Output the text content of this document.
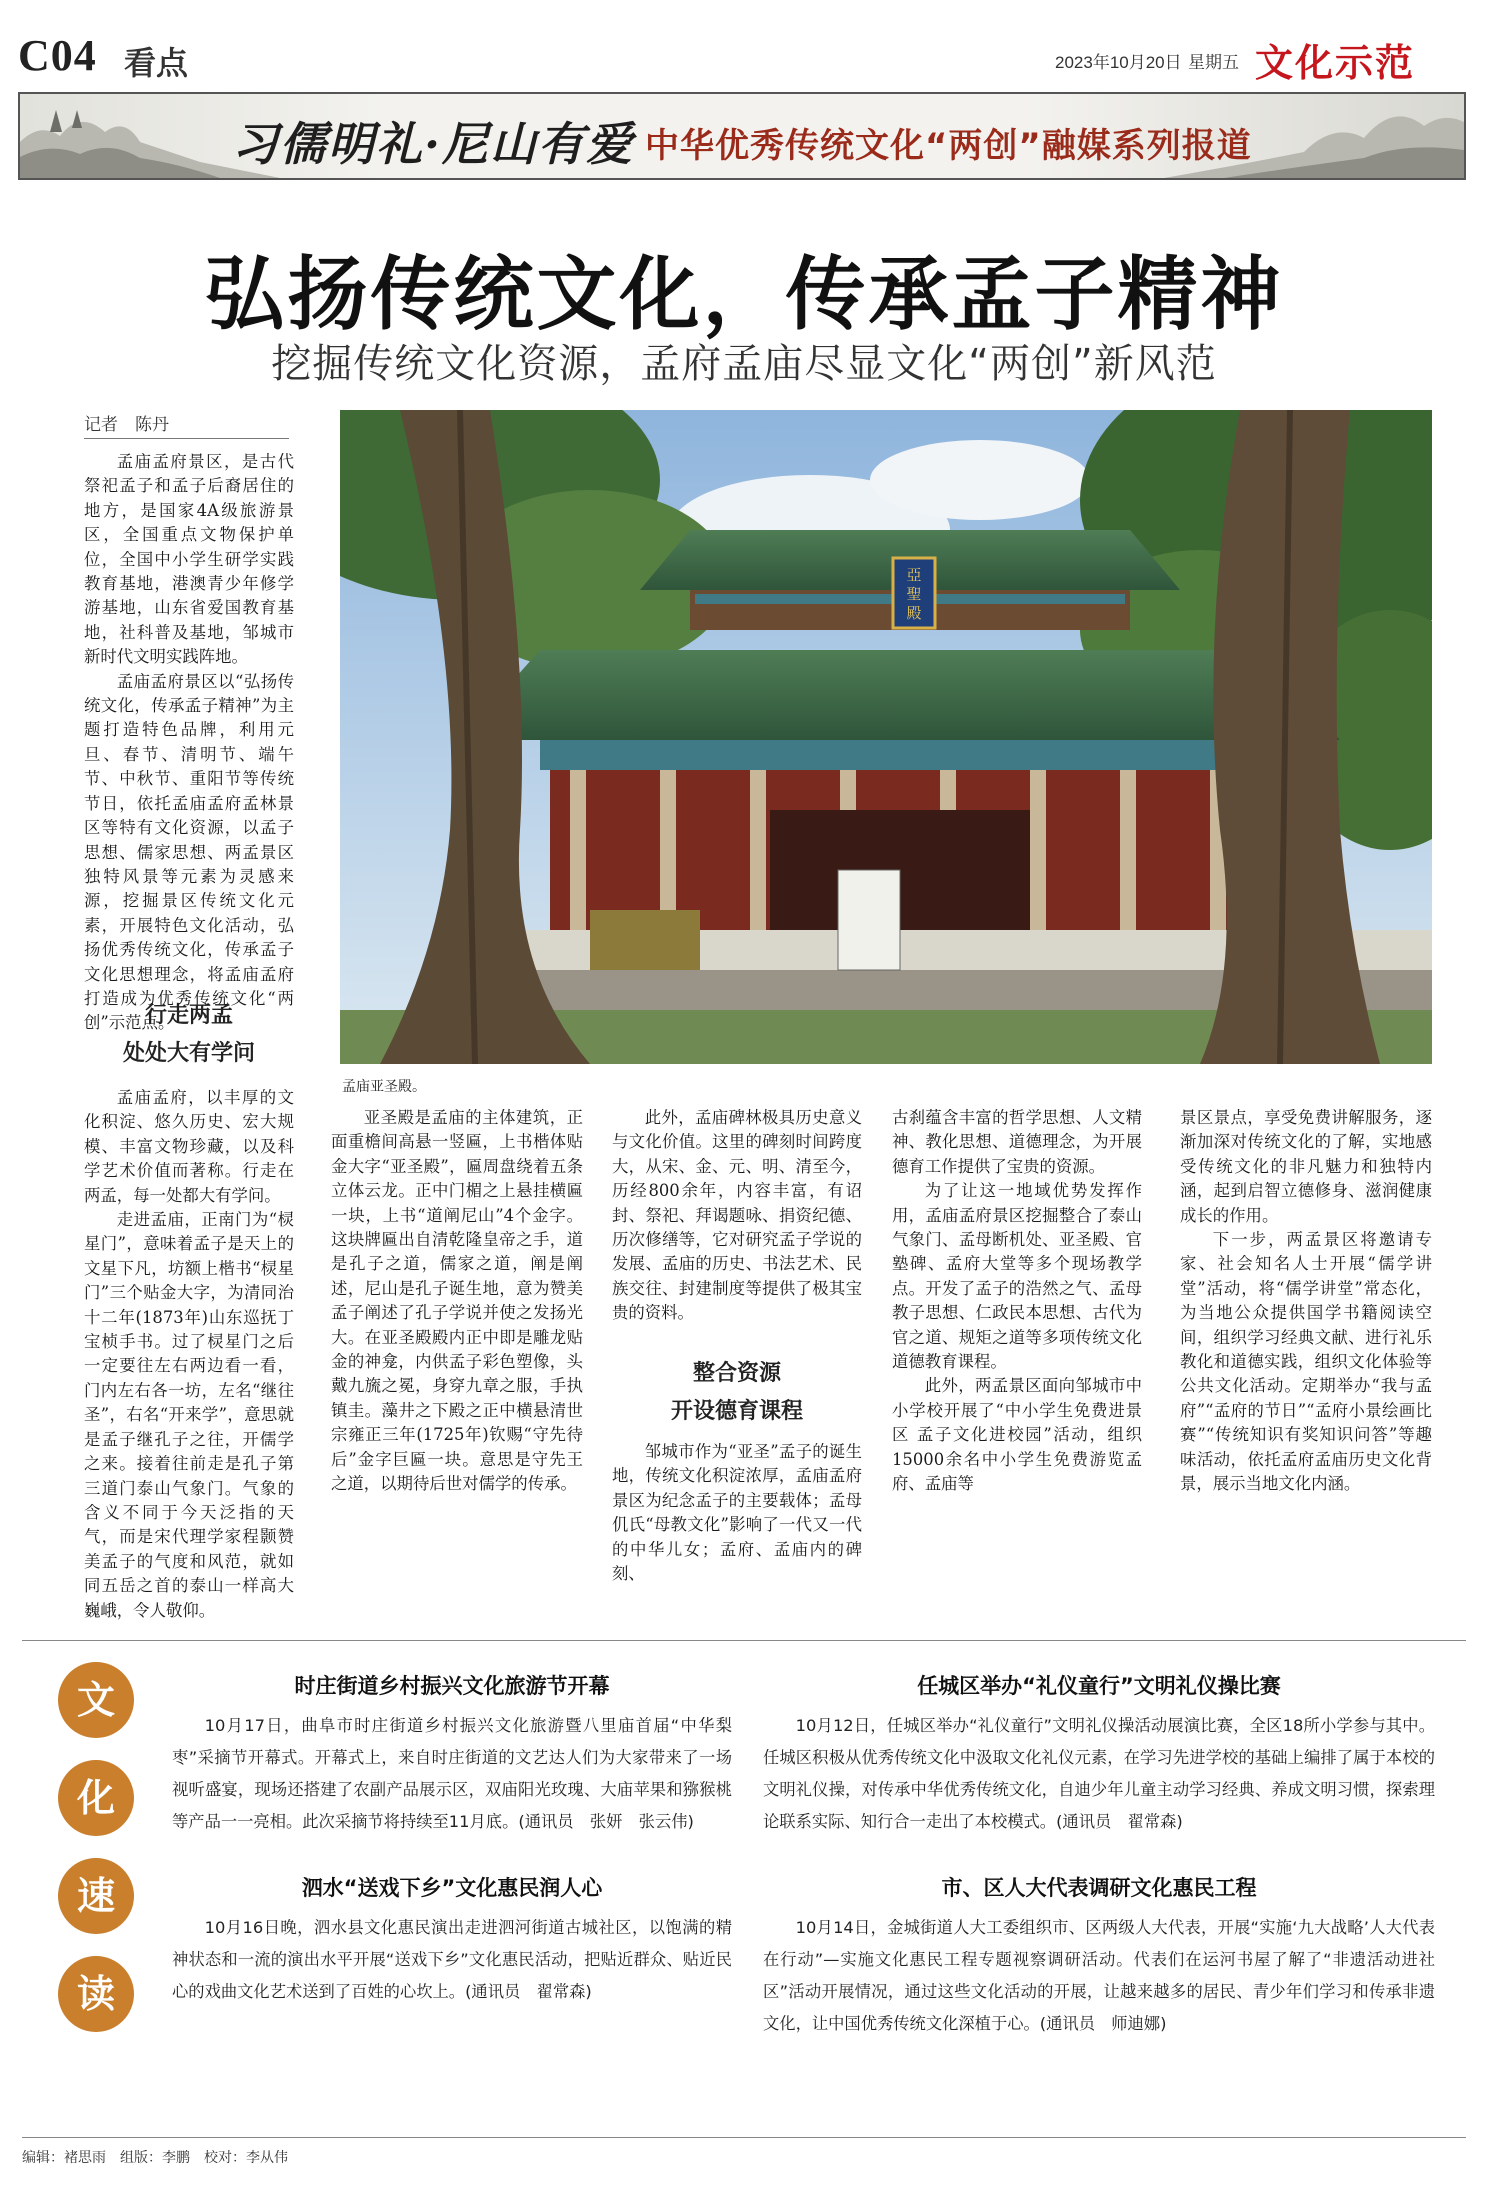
C04 看点	2023年10月20日 星期五 文化示范
习儒明礼·尼山有爱 中华优秀传统文化“两创”融媒系列报道
弘扬传统文化，传承孟子精神
挖掘传统文化资源，孟府孟庙尽显文化“两创”新风范
记者　陈丹

孟庙孟府景区，是古代祭祀孟子和孟子后裔居住的地方，是国家4A级旅游景区，全国重点文物保护单位，全国中小学生研学实践教育基地，港澳青少年修学游基地，山东省爱国教育基地，社科普及基地，邹城市新时代文明实践阵地。

孟庙孟府景区以“弘扬传统文化，传承孟子精神”为主题打造特色品牌，利用元旦、春节、清明节、端午节、中秋节、重阳节等传统节日，依托孟庙孟府孟林景区等特有文化资源，以孟子思想、儒家思想、两孟景区独特风景等元素为灵感来源，挖掘景区传统文化元素，开展特色文化活动，弘扬优秀传统文化，传承孟子文化思想理念，将孟庙孟府打造成为优秀传统文化“两创”示范点。

行走两孟
处处大有学问

孟庙孟府，以丰厚的文化积淀、悠久历史、宏大规模、丰富文物珍藏，以及科学艺术价值而著称。行走在两孟，每一处都大有学问。

走进孟庙，正南门为“棂星门”，意味着孟子是天上的文星下凡，坊额上楷书“棂星门”三个贴金大字，为清同治十二年(1873年)山东巡抚丁宝桢手书。过了棂星门之后一定要往左右两边看一看，门内左右各一坊，左名“继往圣”，右名“开来学”，意思就是孟子继孔子之往，开儒学之来。接着往前走是孔子第三道门泰山气象门。气象的含义不同于今天泛指的天气，而是宋代理学家程颢赞美孟子的气度和风范，就如同五岳之首的泰山一样高大巍峨，令人敬仰。

亞
聖
殿
孟庙亚圣殿。

亚圣殿是孟庙的主体建筑，正面重檐间高悬一竖匾，上书楷体贴金大字“亚圣殿”，匾周盘绕着五条立体云龙。正中门楣之上悬挂横匾一块，上书“道阐尼山”4个金字。这块牌匾出自清乾隆皇帝之手，道是孔子之道，儒家之道，阐是阐述，尼山是孔子诞生地，意为赞美孟子阐述了孔子学说并使之发扬光大。在亚圣殿殿内正中即是雕龙贴金的神龛，内供孟子彩色塑像，头戴九旒之冕，身穿九章之服，手执镇圭。藻井之下殿之正中横悬清世宗雍正三年(1725年)钦赐“守先待后”金字巨匾一块。意思是守先王之道，以期待后世对儒学的传承。

此外，孟庙碑林极具历史意义与文化价值。这里的碑刻时间跨度大，从宋、金、元、明、清至今，历经800余年，内容丰富，有诏封、祭祀、拜谒题咏、捐资纪德、历次修缮等，它对研究孟子学说的发展、孟庙的历史、书法艺术、民族交往、封建制度等提供了极其宝贵的资料。

整合资源
开设德育课程

邹城市作为“亚圣”孟子的诞生地，传统文化积淀浓厚，孟庙孟府景区为纪念孟子的主要载体；孟母仉氏“母教文化”影响了一代又一代的中华儿女；孟府、孟庙内的碑刻、

古刹蕴含丰富的哲学思想、人文精神、教化思想、道德理念，为开展德育工作提供了宝贵的资源。

为了让这一地域优势发挥作用，孟庙孟府景区挖掘整合了泰山气象门、孟母断机处、亚圣殿、官塾碑、孟府大堂等多个现场教学点。开发了孟子的浩然之气、孟母教子思想、仁政民本思想、古代为官之道、规矩之道等多项传统文化道德教育课程。

此外，两孟景区面向邹城市中小学校开展了“中小学生免费进景区 孟子文化进校园”活动，组织15000余名中小学生免费游览孟府、孟庙等

景区景点，享受免费讲解服务，逐渐加深对传统文化的了解，实地感受传统文化的非凡魅力和独特内涵，起到启智立德修身、滋润健康成长的作用。

下一步，两孟景区将邀请专家、社会知名人士开展“儒学讲堂”活动，将“儒学讲堂”常态化，为当地公众提供国学书籍阅读空间，组织学习经典文献、进行礼乐教化和道德实践，组织文化体验等公共文化活动。定期举办“我与孟府”“孟府的节日”“孟府小景绘画比赛”“传统知识有奖知识问答”等趣味活动，依托孟府孟庙历史文化背景，展示当地文化内涵。

文
化
速
读
时庄街道乡村振兴文化旅游节开幕

10月17日，曲阜市时庄街道乡村振兴文化旅游暨八里庙首届“中华梨枣”采摘节开幕式。开幕式上，来自时庄街道的文艺达人们为大家带来了一场视听盛宴，现场还搭建了农副产品展示区，双庙阳光玫瑰、大庙苹果和猕猴桃等产品一一亮相。此次采摘节将持续至11月底。(通讯员　张妍　张云伟)

泗水“送戏下乡”文化惠民润人心

10月16日晚，泗水县文化惠民演出走进泗河街道古城社区，以饱满的精神状态和一流的演出水平开展“送戏下乡”文化惠民活动，把贴近群众、贴近民心的戏曲文化艺术送到了百姓的心坎上。(通讯员　翟常森)

任城区举办“礼仪童行”文明礼仪操比赛

10月12日，任城区举办“礼仪童行”文明礼仪操活动展演比赛，全区18所小学参与其中。任城区积极从优秀传统文化中汲取文化礼仪元素，在学习先进学校的基础上编排了属于本校的文明礼仪操，对传承中华优秀传统文化，自迪少年儿童主动学习经典、养成文明习惯，探索理论联系实际、知行合一走出了本校模式。(通讯员　翟常森)

市、区人大代表调研文化惠民工程

10月14日，金城街道人大工委组织市、区两级人大代表，开展“实施‘九大战略’人大代表在行动”—实施文化惠民工程专题视察调研活动。代表们在运河书屋了解了“非遗活动进社区”活动开展情况，通过这些文化活动的开展，让越来越多的居民、青少年们学习和传承非遗文化，让中国优秀传统文化深植于心。(通讯员　师迪娜)

编辑：褚思雨　组版：李鹏　校对：李从伟
